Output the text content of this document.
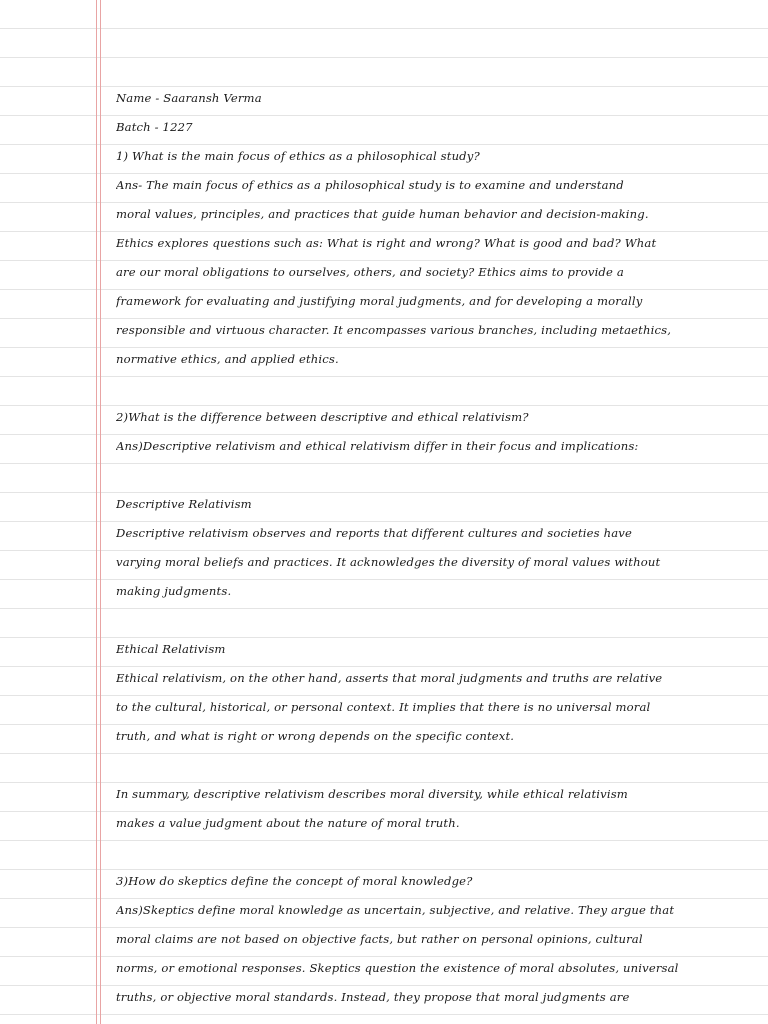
Name - Saaransh Verma
Batch - 1227
1) What is the main focus of ethics as a philosophical study?
Ans- The main focus of ethics as a philosophical study is to examine and understand
moral values, principles, and practices that guide human behavior and decision-making.
Ethics explores questions such as: What is right and wrong? What is good and bad? What
are our moral obligations to ourselves, others, and society? Ethics aims to provide a
framework for evaluating and justifying moral judgments, and for developing a morally
responsible and virtuous character. It encompasses various branches, including metaethics,
normative ethics, and applied ethics.
2)What is the difference between descriptive and ethical relativism?
Ans)Descriptive relativism and ethical relativism differ in their focus and implications:
Descriptive Relativism
Descriptive relativism observes and reports that different cultures and societies have
varying moral beliefs and practices. It acknowledges the diversity of moral values without
making judgments.
Ethical Relativism
Ethical relativism, on the other hand, asserts that moral judgments and truths are relative
to the cultural, historical, or personal context. It implies that there is no universal moral
truth, and what is right or wrong depends on the specific context.
In summary, descriptive relativism describes moral diversity, while ethical relativism
makes a value judgment about the nature of moral truth.
3)How do skeptics define the concept of moral knowledge?
Ans)Skeptics define moral knowledge as uncertain, subjective, and relative. They argue that
moral claims are not based on objective facts, but rather on personal opinions, cultural
norms, or emotional responses. Skeptics question the existence of moral absolutes, universal
truths, or objective moral standards. Instead, they propose that moral judgments are
